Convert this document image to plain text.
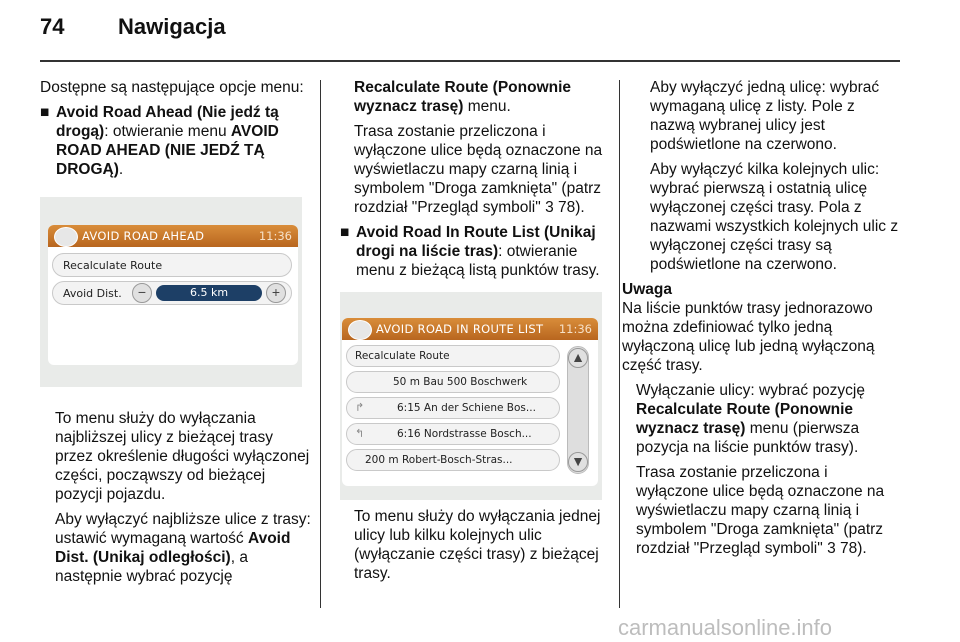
74 Nawigacja

Dostępne są następujące opcje menu:

■ Avoid Road Ahead (Nie jedź tą drogą): otwieranie menu AVOID ROAD AHEAD (NIE JEDŹ TĄ DROGĄ).
AVOID ROAD AHEAD	11:36
Recalculate Route
Avoid Dist.	−	6.5 km	+

To menu służy do wyłączania najbliższej ulicy z bieżącej trasy przez określenie długości wyłączonej części, począwszy od bieżącej pozycji pojazdu.

Aby wyłączyć najbliższe ulice z trasy: ustawić wymaganą wartość Avoid Dist. (Unikaj odległości), a następnie wybrać pozycję

Recalculate Route (Ponownie wyznacz trasę) menu.

Trasa zostanie przeliczona i wyłączone ulice będą oznaczone na wyświetlaczu mapy czarną linią i symbolem "Droga zamknięta" (patrz rozdział "Przegląd symboli" 3 78).

■ Avoid Road In Route List (Unikaj drogi na liście tras): otwieranie menu z bieżącą listą punktów trasy.
AVOID ROAD IN ROUTE LIST 11:36
Recalculate Route
50 m Bau 500 Boschwerk
↱	6:15 An der Schiene Bos...
↰	6:16 Nordstrasse Bosch...
200 m Robert-Bosch-Stras...
▲
▼

To menu służy do wyłączania jednej ulicy lub kilku kolejnych ulic (wyłączanie części trasy) z bieżącej trasy.

Aby wyłączyć jedną ulicę: wybrać wymaganą ulicę z listy. Pole z nazwą wybranej ulicy jest podświetlone na czerwono.

Aby wyłączyć kilka kolejnych ulic: wybrać pierwszą i ostatnią ulicę wyłączonej części trasy. Pola z nazwami wszystkich kolejnych ulic z wyłączonej części trasy są podświetlone na czerwono.

Uwaga

Na liście punktów trasy jednorazowo można zdefiniować tylko jedną wyłączoną ulicę lub jedną wyłączoną część trasy.

Wyłączanie ulicy: wybrać pozycję Recalculate Route (Ponownie wyznacz trasę) menu (pierwsza pozycja na liście punktów trasy).

Trasa zostanie przeliczona i wyłączone ulice będą oznaczone na wyświetlaczu mapy czarną linią i symbolem "Droga zamknięta" (patrz rozdział "Przegląd symboli" 3 78).

carmanualsonline.info
